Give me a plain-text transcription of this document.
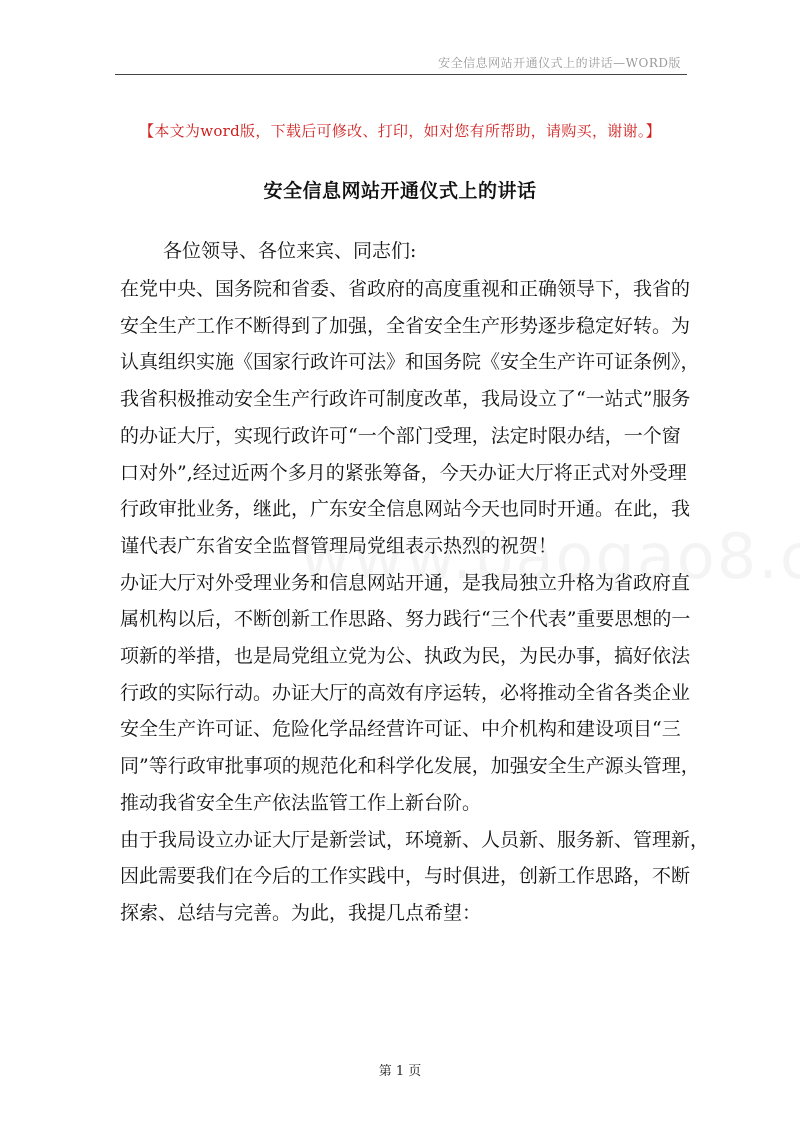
安全信息网站开通仪式上的讲话—WORD版
【本文为word版，下载后可修改、打印，如对您有所帮助，请购买，谢谢。】
安全信息网站开通仪式上的讲话
各位领导、各位来宾、同志们:
在党中央、国务院和省委、省政府的高度重视和正确领导下，我省的
安全生产工作不断得到了加强，全省安全生产形势逐步稳定好转。为
认真组织实施《国家行政许可法》和国务院《安全生产许可证条例》，
我省积极推动安全生产行政许可制度改革，我局设立了“一站式”服务
的办证大厅，实现行政许可“一个部门受理，法定时限办结，一个窗
口对外”,经过近两个多月的紧张筹备，今天办证大厅将正式对外受理
行政审批业务，继此，广东安全信息网站今天也同时开通。在此，我
谨代表广东省安全监督管理局党组表示热烈的祝贺！
办证大厅对外受理业务和信息网站开通，是我局独立升格为省政府直
属机构以后，不断创新工作思路、努力践行“三个代表”重要思想的一
项新的举措，也是局党组立党为公、执政为民，为民办事，搞好依法
行政的实际行动。办证大厅的高效有序运转，必将推动全省各类企业
安全生产许可证、危险化学品经营许可证、中介机构和建设项目“三
同”等行政审批事项的规范化和科学化发展，加强安全生产源头管理，
推动我省安全生产依法监管工作上新台阶。
由于我局设立办证大厅是新尝试，环境新、人员新、服务新、管理新，
因此需要我们在今后的工作实践中，与时俱进，创新工作思路，不断
探索、总结与完善。为此，我提几点希望：
第 1 页
